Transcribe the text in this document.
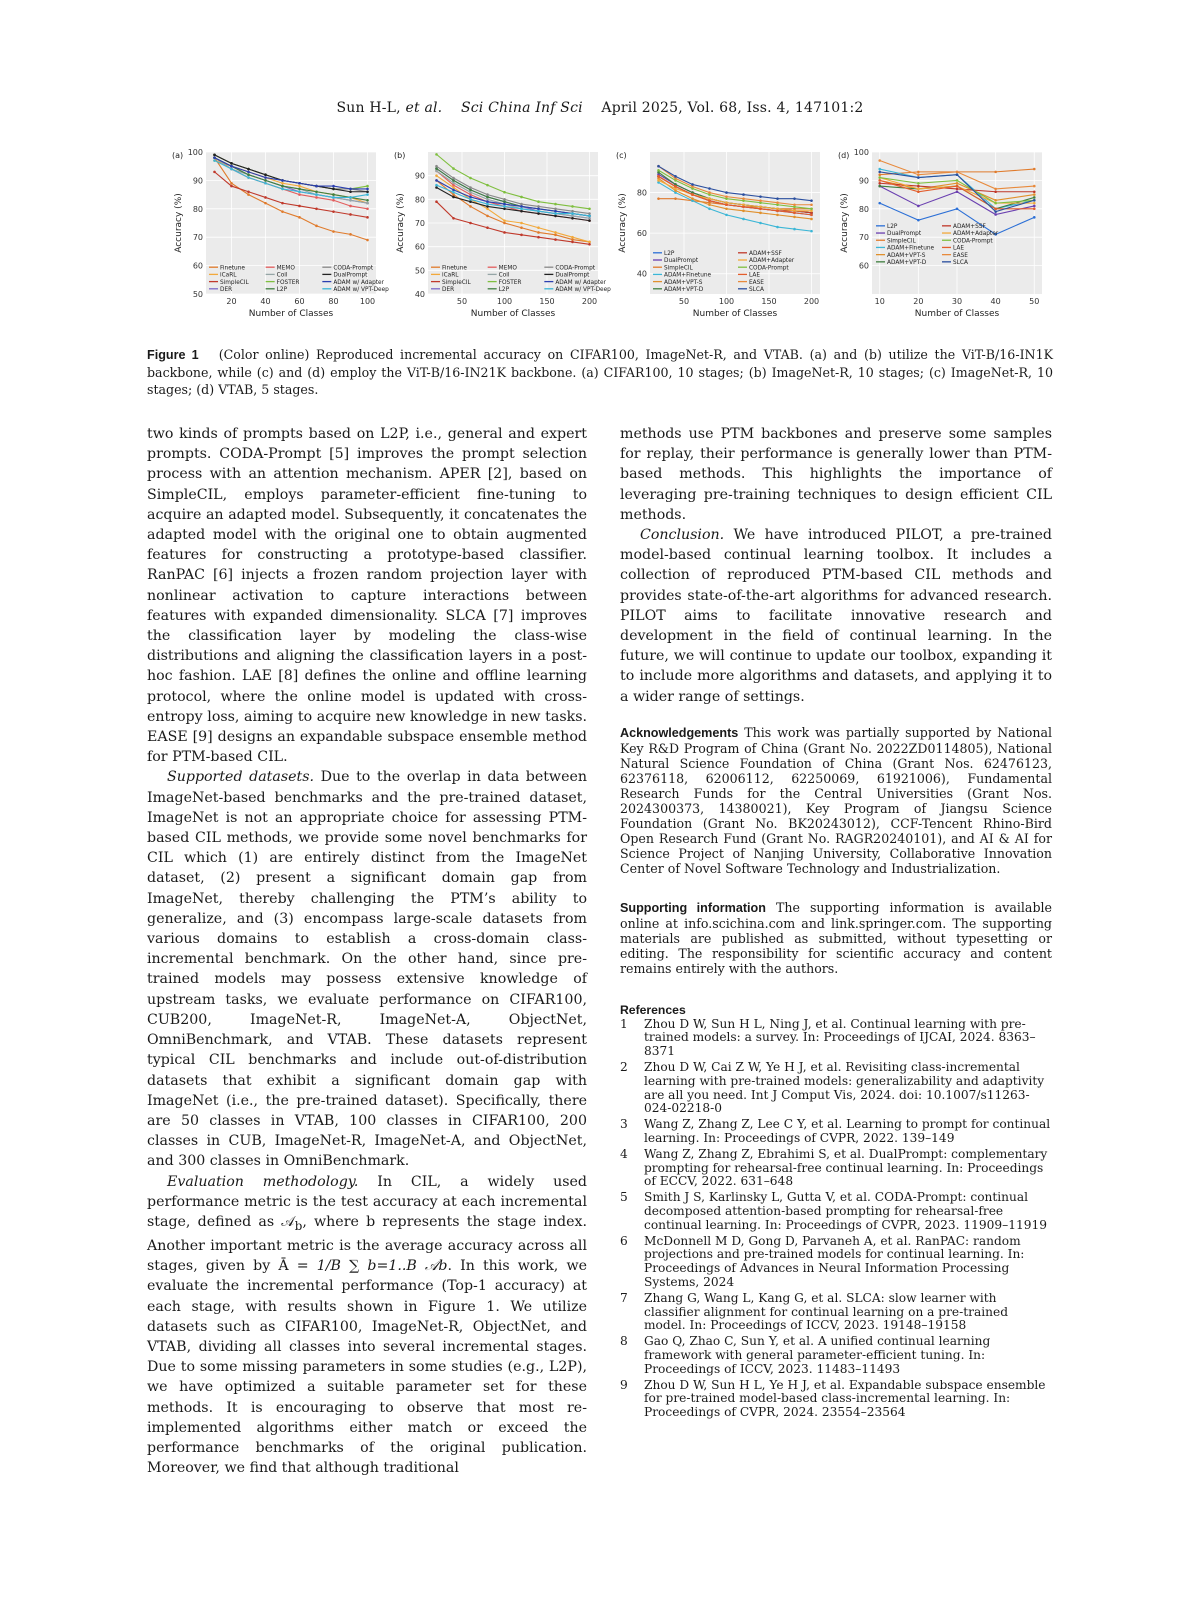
Sun H-L, et al. Sci China Inf Sci April 2025, Vol. 68, Iss. 4, 147101:2
50
60
70
80
90
100
20	40	60	80	100
Number of Classes
Accuracy (%)
(a)
Finetune
iCaRL
SimpleCIL
DER
MEMO
Coil
FOSTER
L2P
CODA-Prompt
DualPrompt
ADAM w/ Adapter
ADAM w/ VPT-Deep	40
50
60
70
80
90
50	100	150	200
Number of Classes
Accuracy (%)
(b)
Finetune
iCaRL
SimpleCIL
DER
MEMO
Coil
FOSTER
L2P
CODA-Prompt
DualPrompt
ADAM w/ Adapter
ADAM w/ VPT-Deep
40
60
80
50	100	150	200
Number of Classes
Accuracy (%)
(c)
L2P
DualPrompt
SimpleCIL
ADAM+Finetune
ADAM+VPT-S
ADAM+VPT-D
ADAM+SSF
ADAM+Adapter
CODA-Prompt
LAE
EASE
SLCA
60
70
80
90
100
10	20	30	40	50
Number of Classes
Accuracy (%)
(d)
L2P
DualPrompt
SimpleCIL
ADAM+Finetune
ADAM+VPT-S
ADAM+VPT-D
ADAM+SSF
ADAM+Adapter
CODA-Prompt
LAE
EASE
SLCA
Figure 1 (Color online) Reproduced incremental accuracy on CIFAR100, ImageNet-R, and VTAB. (a) and (b) utilize the ViT-B/16-IN1K backbone, while (c) and (d) employ the ViT-B/16-IN21K backbone. (a) CIFAR100, 10 stages; (b) ImageNet-R, 10 stages; (c) ImageNet-R, 10 stages; (d) VTAB, 5 stages.

two kinds of prompts based on L2P, i.e., general and expert prompts. CODA-Prompt [5] improves the prompt selection process with an attention mechanism. APER [2], based on SimpleCIL, employs parameter-efficient fine-tuning to acquire an adapted model. Subsequently, it concatenates the adapted model with the original one to obtain augmented features for constructing a prototype-based classifier. RanPAC [6] injects a frozen random projection layer with nonlinear activation to capture interactions between features with expanded dimensionality. SLCA [7] improves the classification layer by modeling the class-wise distributions and aligning the classification layers in a post-hoc fashion. LAE [8] defines the online and offline learning protocol, where the online model is updated with cross-entropy loss, aiming to acquire new knowledge in new tasks. EASE [9] designs an expandable subspace ensemble method for PTM-based CIL.

Supported datasets. Due to the overlap in data between ImageNet-based benchmarks and the pre-trained dataset, ImageNet is not an appropriate choice for assessing PTM-based CIL methods, we provide some novel benchmarks for CIL which (1) are entirely distinct from the ImageNet dataset, (2) present a significant domain gap from ImageNet, thereby challenging the PTM’s ability to generalize, and (3) encompass large-scale datasets from various domains to establish a cross-domain class-incremental benchmark. On the other hand, since pre-trained models may possess extensive knowledge of upstream tasks, we evaluate performance on CIFAR100, CUB200, ImageNet-R, ImageNet-A, ObjectNet, OmniBenchmark, and VTAB. These datasets represent typical CIL benchmarks and include out-of-distribution datasets that exhibit a significant domain gap with ImageNet (i.e., the pre-trained dataset). Specifically, there are 50 classes in VTAB, 100 classes in CIFAR100, 200 classes in CUB, ImageNet-R, ImageNet-A, and ObjectNet, and 300 classes in OmniBenchmark.

Evaluation methodology. In CIL, a widely used performance metric is the test accuracy at each incremental stage, defined as 𝒜$_b$, where b represents the stage index. Another important metric is the average accuracy across all stages, given by Ā = 1/B ∑ b=1..B 𝒜b. In this work, we evaluate the incremental performance (Top-1 accuracy) at each stage, with results shown in Figure 1. We utilize datasets such as CIFAR100, ImageNet-R, ObjectNet, and VTAB, dividing all classes into several incremental stages. Due to some missing parameters in some studies (e.g., L2P), we have optimized a suitable parameter set for these methods. It is encouraging to observe that most re-implemented algorithms either match or exceed the performance benchmarks of the original publication. Moreover, we find that although traditional

methods use PTM backbones and preserve some samples for replay, their performance is generally lower than PTM-based methods. This highlights the importance of leveraging pre-training techniques to design efficient CIL methods.

Conclusion. We have introduced PILOT, a pre-trained model-based continual learning toolbox. It includes a collection of reproduced PTM-based CIL methods and provides state-of-the-art algorithms for advanced research. PILOT aims to facilitate innovative research and development in the field of continual learning. In the future, we will continue to update our toolbox, expanding it to include more algorithms and datasets, and applying it to a wider range of settings.

Acknowledgements This work was partially supported by National Key R&D Program of China (Grant No. 2022ZD0114805), National Natural Science Foundation of China (Grant Nos. 62476123, 62376118, 62006112, 62250069, 61921006), Fundamental Research Funds for the Central Universities (Grant Nos. 2024300373, 14380021), Key Program of Jiangsu Science Foundation (Grant No. BK20243012), CCF-Tencent Rhino-Bird Open Research Fund (Grant No. RAGR20240101), and AI & AI for Science Project of Nanjing University, Collaborative Innovation Center of Novel Software Technology and Industrialization.
Supporting information The supporting information is available online at info.scichina.com and link.springer.com. The supporting materials are published as submitted, without typesetting or editing. The responsibility for scientific accuracy and content remains entirely with the authors.
References
1	Zhou D W, Sun H L, Ning J, et al. Continual learning with pre-trained models: a survey. In: Proceedings of IJCAI, 2024. 8363–8371
2	Zhou D W, Cai Z W, Ye H J, et al. Revisiting class-incremental learning with pre-trained models: generalizability and adaptivity are all you need. Int J Comput Vis, 2024. doi: 10.1007/s11263-024-02218-0
3	Wang Z, Zhang Z, Lee C Y, et al. Learning to prompt for continual learning. In: Proceedings of CVPR, 2022. 139–149
4	Wang Z, Zhang Z, Ebrahimi S, et al. DualPrompt: complementary prompting for rehearsal-free continual learning. In: Proceedings of ECCV, 2022. 631–648
5	Smith J S, Karlinsky L, Gutta V, et al. CODA-Prompt: continual decomposed attention-based prompting for rehearsal-free continual learning. In: Proceedings of CVPR, 2023. 11909–11919
6	McDonnell M D, Gong D, Parvaneh A, et al. RanPAC: random projections and pre-trained models for continual learning. In: Proceedings of Advances in Neural Information Processing Systems, 2024
7	Zhang G, Wang L, Kang G, et al. SLCA: slow learner with classifier alignment for continual learning on a pre-trained model. In: Proceedings of ICCV, 2023. 19148–19158
8	Gao Q, Zhao C, Sun Y, et al. A unified continual learning framework with general parameter-efficient tuning. In: Proceedings of ICCV, 2023. 11483–11493
9	Zhou D W, Sun H L, Ye H J, et al. Expandable subspace ensemble for pre-trained model-based class-incremental learning. In: Proceedings of CVPR, 2024. 23554–23564
